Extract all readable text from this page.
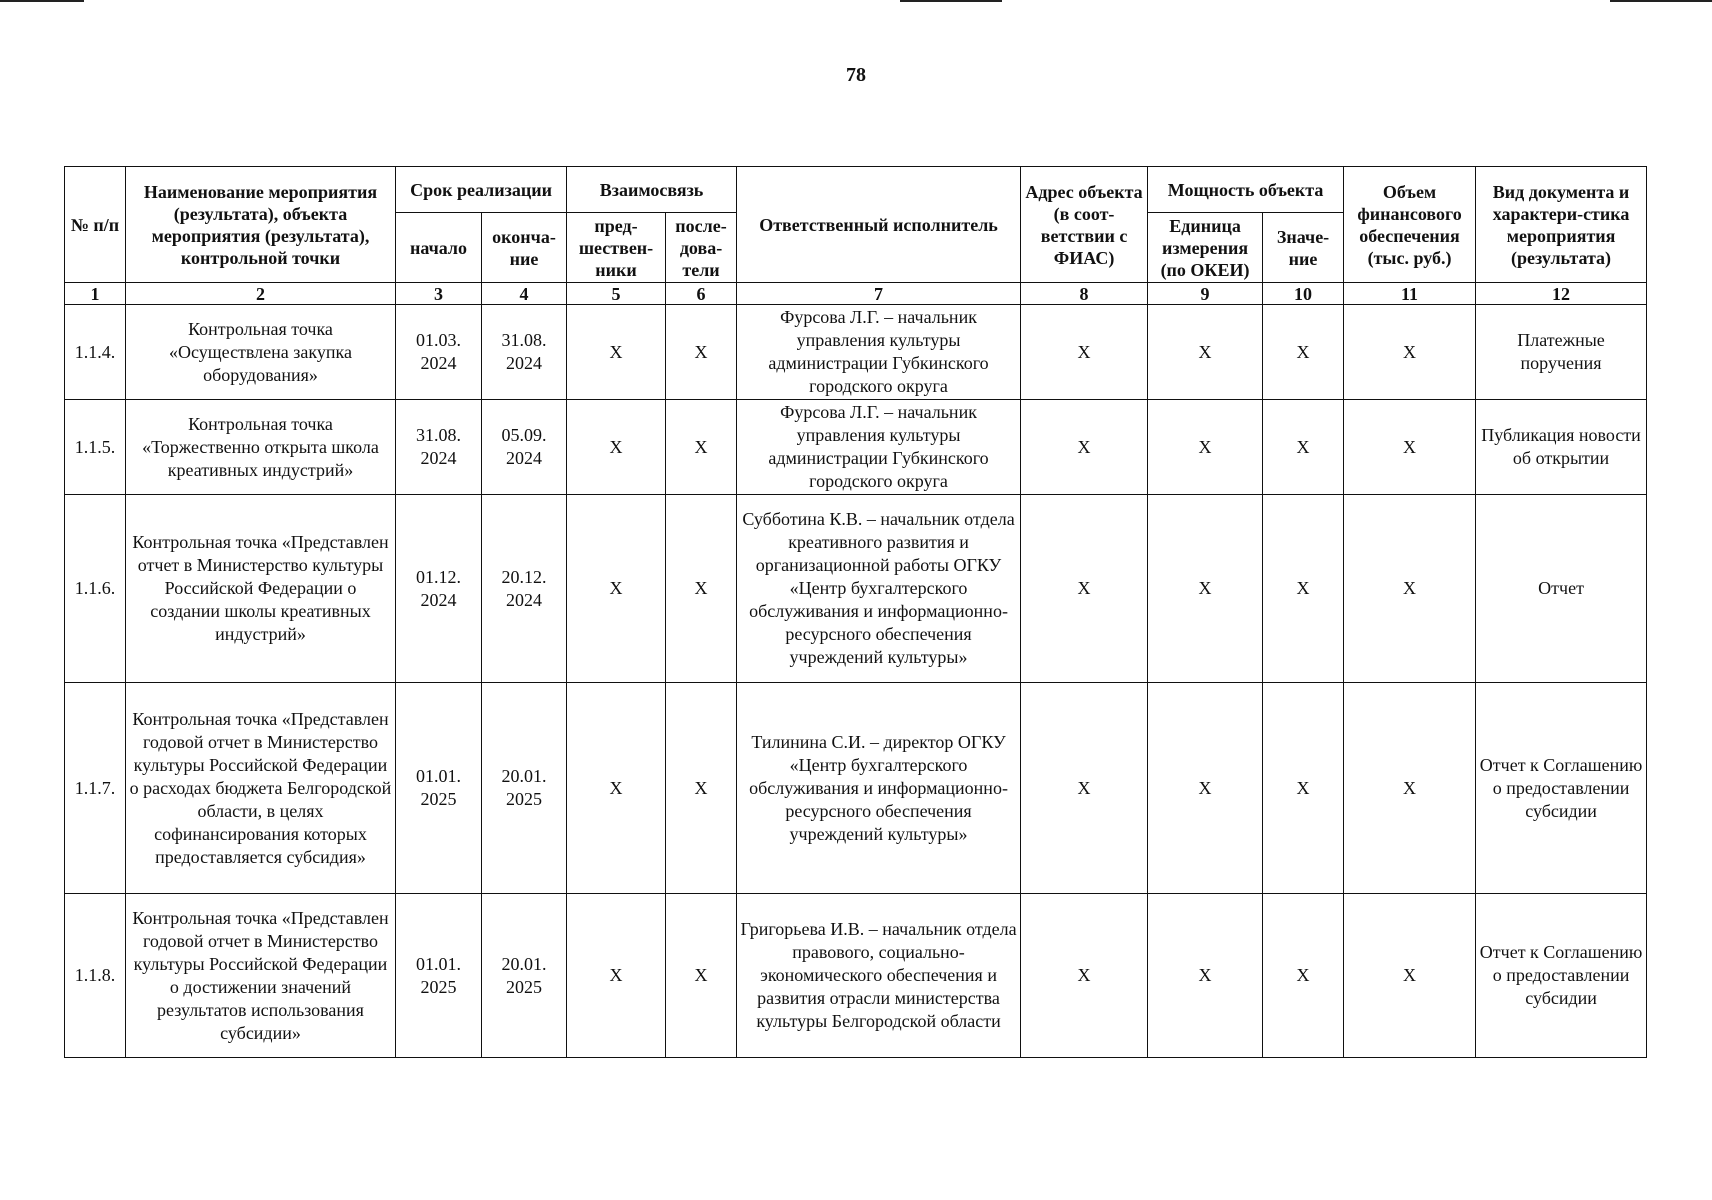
78
№ п/п	Наименование мероприятия (результата), объекта мероприятия (результата), контрольной точки	Срок реализации		Взаимосвязь		Ответственный исполнитель	Адрес объекта (в соот-ветствии с ФИАС)	Мощность объекта		Объем финансового обеспечения (тыс. руб.)	Вид документа и характери-стика мероприятия (результата)
		начало	оконча-ние	пред-шествен-ники	после-дова-тели			Единица измерения (по ОКЕИ)	Значе-ние		
1	2	3	4	5	6	7	8	9	10	11	12
1.1.4.	Контрольная точка «Осуществлена закупка оборудования»	01.03. 2024	31.08. 2024	Х	Х	Фурсова Л.Г. – начальник управления культуры администрации Губкинского городского округа	Х	Х	Х	Х	Платежные поручения
1.1.5.	Контрольная точка «Торжественно открыта школа креативных индустрий»	31.08. 2024	05.09. 2024	Х	Х	Фурсова Л.Г. – начальник управления культуры администрации Губкинского городского округа	Х	Х	Х	Х	Публикация новости об открытии
1.1.6.	Контрольная точка «Представлен отчет в Министерство культуры Российской Федерации о создании школы креативных индустрий»	01.12. 2024	20.12. 2024	Х	Х	Субботина К.В. – начальник отдела креативного развития и организационной работы ОГКУ «Центр бухгалтерского обслуживания и информационно-ресурсного обеспечения учреждений культуры»	Х	Х	Х	Х	Отчет
1.1.7.	Контрольная точка «Представлен годовой отчет в Министерство культуры Российской Федерации о расходах бюджета Белгородской области, в целях софинансирования которых предоставляется субсидия»	01.01. 2025	20.01. 2025	Х	Х	Тилинина С.И. – директор ОГКУ «Центр бухгалтерского обслуживания и информационно-ресурсного обеспечения учреждений культуры»	Х	Х	Х	Х	Отчет к Соглашению о предоставлении субсидии
1.1.8.	Контрольная точка «Представлен годовой отчет в Министерство культуры Российской Федерации о достижении значений результатов использования субсидии»	01.01. 2025	20.01. 2025	Х	Х	Григорьева И.В. – начальник отдела правового, социально-экономического обеспечения и развития отрасли министерства культуры Белгородской области	Х	Х	Х	Х	Отчет к Соглашению о предоставлении субсидии
